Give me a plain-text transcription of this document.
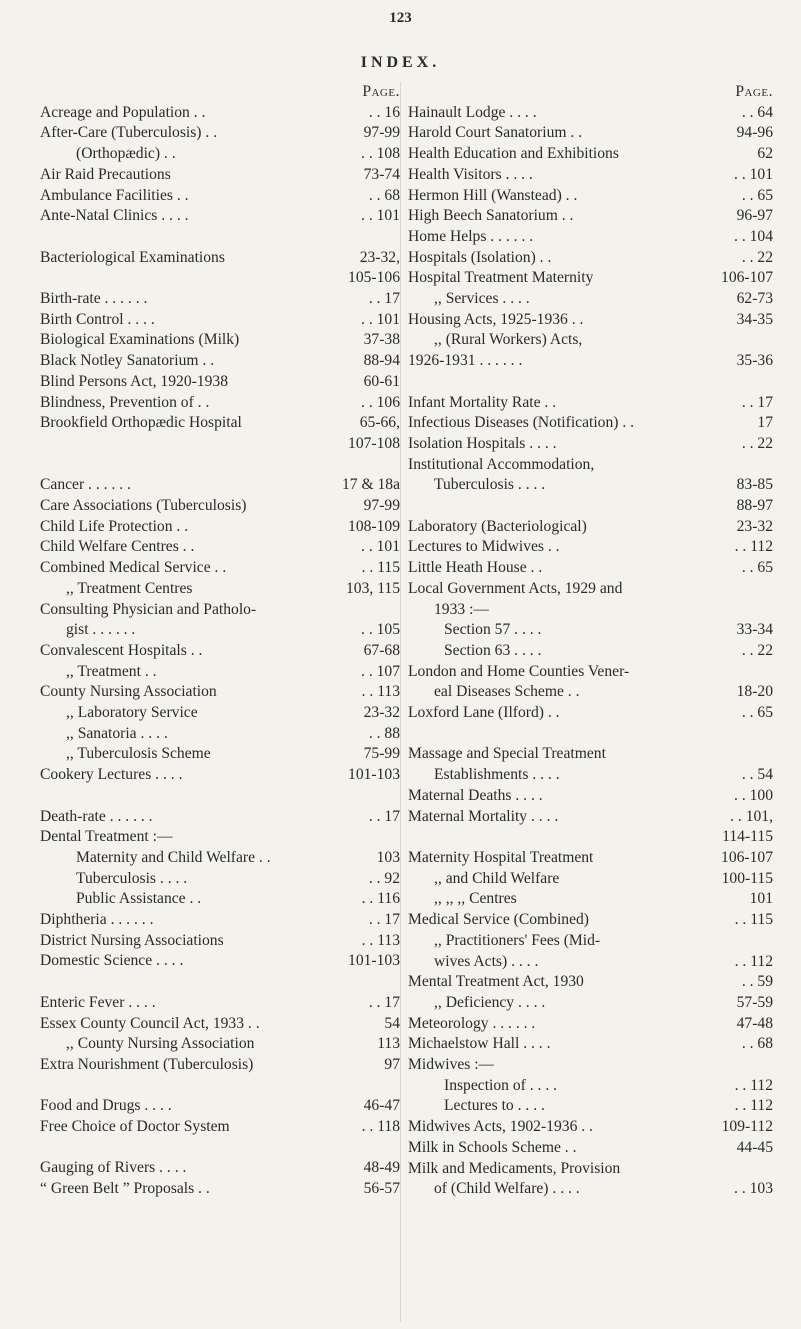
123
INDEX.
Page.
Acreage and Population . .	. . 16
After-Care (Tuberculosis) . .	97-99
(Orthopædic) . .	. . 108
Air Raid Precautions	73-74
Ambulance Facilities . .	. . 68
Ante-Natal Clinics . . . .	. . 101
Bacteriological Examinations	23-32,
105-106
Birth-rate . . . . . .	. . 17
Birth Control . . . .	. . 101
Biological Examinations (Milk)	37-38
Black Notley Sanatorium . .	88-94
Blind Persons Act, 1920-1938	60-61
Blindness, Prevention of . .	. . 106
Brookfield Orthopædic Hospital	65-66,
107-108
Cancer . . . . . .	17 & 18a
Care Associations (Tuberculosis)	97-99
Child Life Protection . .	108-109
Child Welfare Centres . .	. . 101
Combined Medical Service . .	. . 115
,, Treatment Centres	103, 115
Consulting Physician and Patholo-
gist . . . . . .	. . 105
Convalescent Hospitals . .	67-68
,, Treatment . .	. . 107
County Nursing Association	. . 113
,, Laboratory Service	23-32
,, Sanatoria . . . .	. . 88
,, Tuberculosis Scheme	75-99
Cookery Lectures . . . .	101-103
Death-rate . . . . . .	. . 17
Dental Treatment :—
Maternity and Child Welfare . .	103
Tuberculosis . . . .	. . 92
Public Assistance . .	. . 116
Diphtheria . . . . . .	. . 17
District Nursing Associations	. . 113
Domestic Science . . . .	101-103
Enteric Fever . . . .	. . 17
Essex County Council Act, 1933 . .	54
,, County Nursing Association	113
Extra Nourishment (Tuberculosis)	97
Food and Drugs . . . .	46-47
Free Choice of Doctor System	. . 118
Gauging of Rivers . . . .	48-49
“ Green Belt ” Proposals . .	56-57
Page.
Hainault Lodge . . . .	. . 64
Harold Court Sanatorium . .	94-96
Health Education and Exhibitions	62
Health Visitors . . . .	. . 101
Hermon Hill (Wanstead) . .	. . 65
High Beech Sanatorium . .	96-97
Home Helps . . . . . .	. . 104
Hospitals (Isolation) . .	. . 22
Hospital Treatment Maternity	106-107
,, Services . . . .	62-73
Housing Acts, 1925-1936 . .	34-35
,, (Rural Workers) Acts,
1926-1931 . . . . . .	35-36
Infant Mortality Rate . .	. . 17
Infectious Diseases (Notification) . .	17
Isolation Hospitals . . . .	. . 22
Institutional Accommodation,
Tuberculosis . . . .	83-85
88-97
Laboratory (Bacteriological)	23-32
Lectures to Midwives . .	. . 112
Little Heath House . .	. . 65
Local Government Acts, 1929 and
1933 :—
Section 57 . . . .	33-34
Section 63 . . . .	. . 22
London and Home Counties Vener-
eal Diseases Scheme . .	18-20
Loxford Lane (Ilford) . .	. . 65
Massage and Special Treatment
Establishments . . . .	. . 54
Maternal Deaths . . . .	. . 100
Maternal Mortality . . . .	. . 101,
114-115
Maternity Hospital Treatment	106-107
,, and Child Welfare	100-115
,, ,, ,, Centres	101
Medical Service (Combined)	. . 115
,, Practitioners' Fees (Mid-
wives Acts) . . . .	. . 112
Mental Treatment Act, 1930	. . 59
,, Deficiency . . . .	57-59
Meteorology . . . . . .	47-48
Michaelstow Hall . . . .	. . 68
Midwives :—
Inspection of . . . .	. . 112
Lectures to . . . .	. . 112
Midwives Acts, 1902-1936 . .	109-112
Milk in Schools Scheme . .	44-45
Milk and Medicaments, Provision
of (Child Welfare) . . . .	. . 103
